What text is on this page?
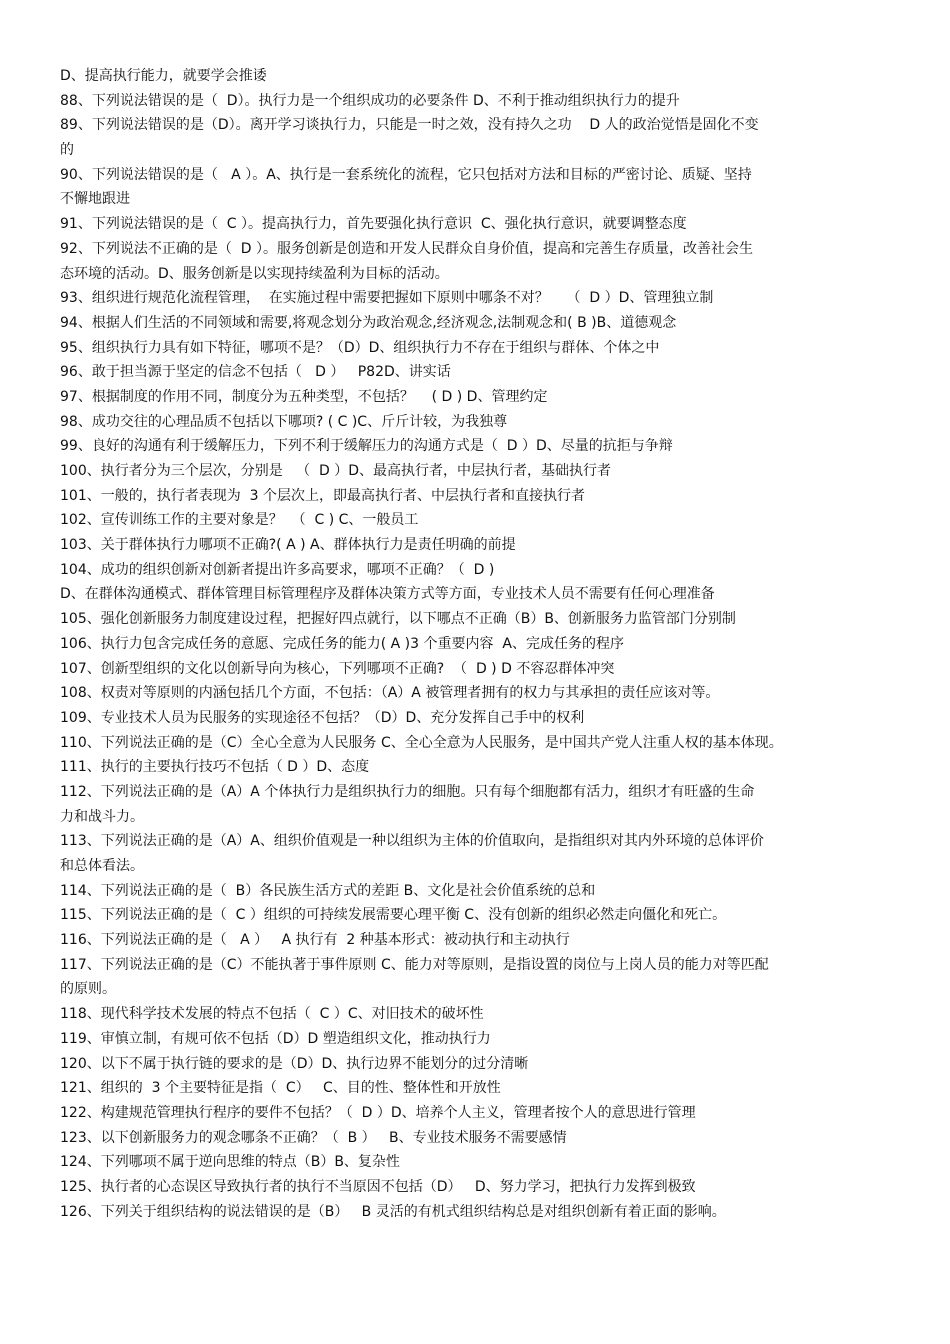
D、提高执行能力，就要学会推诿
88、下列说法错误的是（  D）。执行力是一个组织成功的必要条件 D、不利于推动组织执行力的提升
89、下列说法错误的是（D）。离开学习谈执行力，只能是一时之效，没有持久之功    D 人的政治觉悟是固化不变
的
90、下列说法错误的是（   A ）。A、执行是一套系统化的流程，它只包括对方法和目标的严密讨论、质疑、坚持
不懈地跟进
91、下列说法错误的是（  C ）。提高执行力，首先要强化执行意识  C、强化执行意识，就要调整态度
92、下列说法不正确的是（  D ）。服务创新是创造和开发人民群众自身价值，提高和完善生存质量，改善社会生
态环境的活动。D、服务创新是以实现持续盈利为目标的活动。
93、组织进行规范化流程管理，  在实施过程中需要把握如下原则中哪条不对？    （  D ）D、管理独立制
94、根据人们生活的不同领域和需要,将观念划分为政治观念,经济观念,法制观念和( B )B、道德观念
95、组织执行力具有如下特征，哪项不是？（D）D、组织执行力不存在于组织与群体、个体之中
96、敢于担当源于坚定的信念不包括（   D ）   P82D、讲实话
97、根据制度的作用不同，制度分为五种类型，不包括？    ( D ) D、管理约定
98、成功交往的心理品质不包括以下哪项? ( C )C、斤斤计较，为我独尊
99、良好的沟通有利于缓解压力，下列不利于缓解压力的沟通方式是（  D ）D、尽量的抗拒与争辩
100、执行者分为三个层次，分别是   （  D ）D、最高执行者，中层执行者，基础执行者
101、一般的，执行者表现为  3 个层次上，即最高执行者、中层执行者和直接执行者
102、宣传训练工作的主要对象是？  （  C ) C、一般员工
103、关于群体执行力哪项不正确?( A ) A、群体执行力是责任明确的前提
104、成功的组织创新对创新者提出许多高要求，哪项不正确？（  D )
D、在群体沟通模式、群体管理目标管理程序及群体决策方式等方面，专业技术人员不需要有任何心理准备
105、强化创新服务力制度建设过程，把握好四点就行，以下哪点不正确（B）B、创新服务力监管部门分别制
106、执行力包含完成任务的意愿、完成任务的能力( A )3 个重要内容  A、完成任务的程序
107、创新型组织的文化以创新导向为核心，下列哪项不正确?  （  D ) D 不容忍群体冲突
108、权责对等原则的内涵包括几个方面，不包括：（A）A 被管理者拥有的权力与其承担的责任应该对等。
109、专业技术人员为民服务的实现途径不包括？（D）D、充分发挥自己手中的权利
110、下列说法正确的是（C）全心全意为人民服务 C、全心全意为人民服务，是中国共产党人注重人权的基本体现。
111、执行的主要执行技巧不包括（ D ）D、态度
112、下列说法正确的是（A）A 个体执行力是组织执行力的细胞。只有每个细胞都有活力，组织才有旺盛的生命
力和战斗力。
113、下列说法正确的是（A）A、组织价值观是一种以组织为主体的价值取向，是指组织对其内外环境的总体评价
和总体看法。
114、下列说法正确的是（  B）各民族生活方式的差距 B、文化是社会价值系统的总和
115、下列说法正确的是（  C ）组织的可持续发展需要心理平衡 C、没有创新的组织必然走向僵化和死亡。
116、下列说法正确的是（   A ）   A 执行有  2 种基本形式：被动执行和主动执行
117、下列说法正确的是（C）不能执著于事件原则 C、能力对等原则，是指设置的岗位与上岗人员的能力对等匹配
的原则。
118、现代科学技术发展的特点不包括（  C ）C、对旧技术的破坏性
119、审慎立制，有规可依不包括（D）D 塑造组织文化，推动执行力
120、以下不属于执行链的要求的是（D）D、执行边界不能划分的过分清晰
121、组织的  3 个主要特征是指（  C）   C、目的性、整体性和开放性
122、构建规范管理执行程序的要件不包括？（  D ）D、培养个人主义，管理者按个人的意思进行管理
123、以下创新服务力的观念哪条不正确？（  B ）   B、专业技术服务不需要感情
124、下列哪项不属于逆向思维的特点（B）B、复杂性
125、执行者的心态误区导致执行者的执行不当原因不包括（D）   D、努力学习，把执行力发挥到极致
126、下列关于组织结构的说法错误的是（B）   B 灵活的有机式组织结构总是对组织创新有着正面的影响。
